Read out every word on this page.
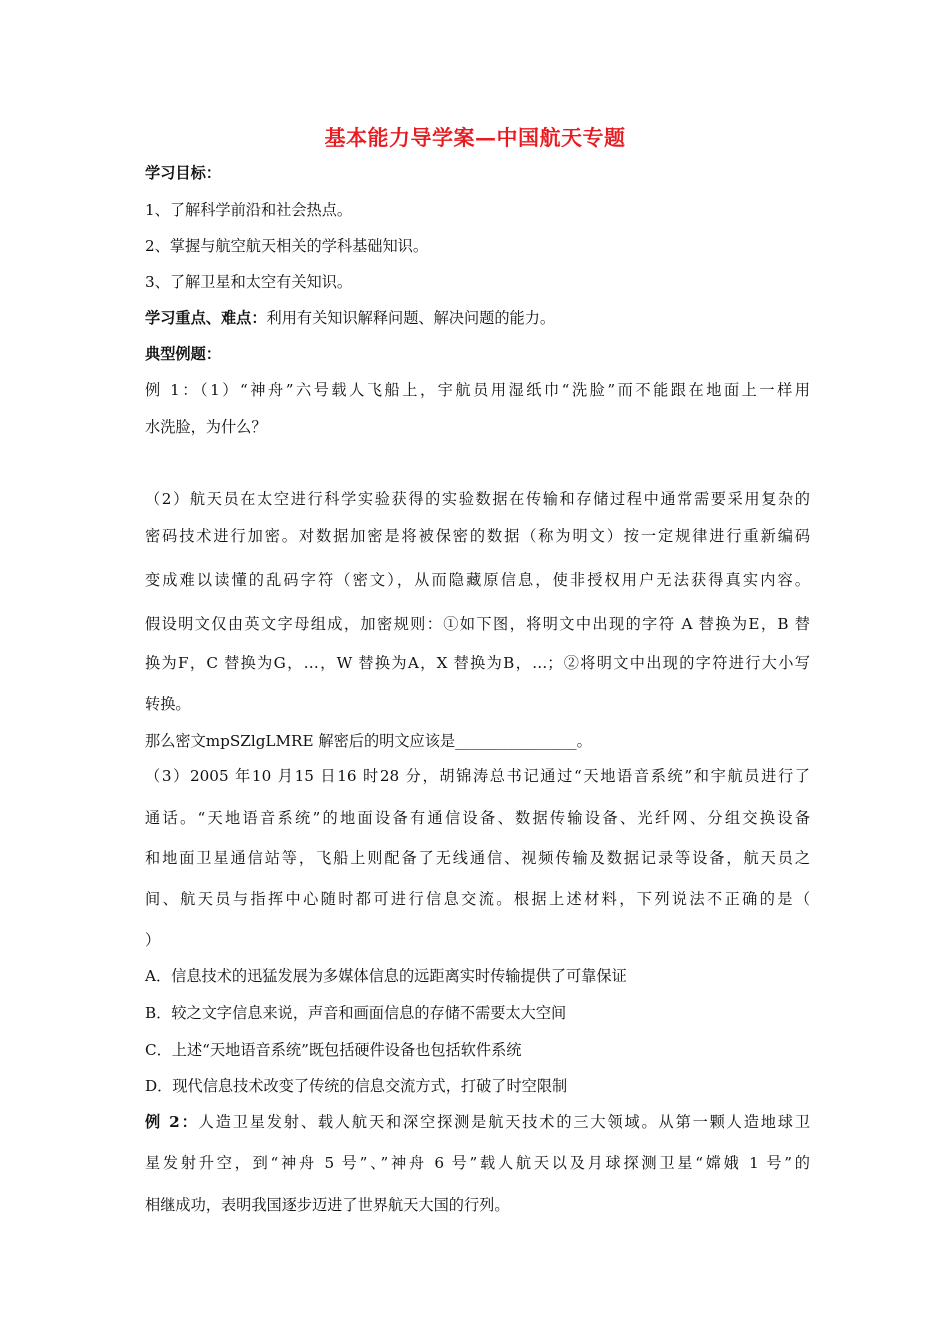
基本能力导学案—中国航天专题
学习目标：
1、了解科学前沿和社会热点。
2、掌握与航空航天相关的学科基础知识。
3、了解卫星和太空有关知识。
学习重点、难点：利用有关知识解释问题、解决问题的能力。
典型例题：
例 1：（1）“神舟”六号载人飞船上，宇航员用湿纸巾“洗脸”而不能跟在地面上一样用
水洗脸，为什么？
（2）航天员在太空进行科学实验获得的实验数据在传输和存储过程中通常需要采用复杂的
密码技术进行加密。对数据加密是将被保密的数据（称为明文）按一定规律进行重新编码
变成难以读懂的乱码字符（密文），从而隐藏原信息，使非授权用户无法获得真实内容。
假设明文仅由英文字母组成，加密规则：①如下图，将明文中出现的字符 A 替换为E，B 替
换为F，C 替换为G，…，W 替换为A，X 替换为B，…；②将明文中出现的字符进行大小写
转换。
那么密文mpSZlgLMRE 解密后的明文应该是________________。
（3）2005 年10 月15 日16 时28 分，胡锦涛总书记通过“天地语音系统”和宇航员进行了
通话。“天地语音系统”的地面设备有通信设备、数据传输设备、光纤网、分组交换设备
和地面卫星通信站等，飞船上则配备了无线通信、视频传输及数据记录等设备，航天员之
间、航天员与指挥中心随时都可进行信息交流。根据上述材料，下列说法不正确的是（
）
A．信息技术的迅猛发展为多媒体信息的远距离实时传输提供了可靠保证
B．较之文字信息来说，声音和画面信息的存储不需要太大空间
C．上述“天地语音系统”既包括硬件设备也包括软件系统
D．现代信息技术改变了传统的信息交流方式，打破了时空限制
例 2：人造卫星发射、载人航天和深空探测是航天技术的三大领域。从第一颗人造地球卫
星发射升空，到“神舟 5 号”、”神舟 6 号”载人航天以及月球探测卫星“嫦娥 1 号”的
相继成功，表明我国逐步迈进了世界航天大国的行列。
